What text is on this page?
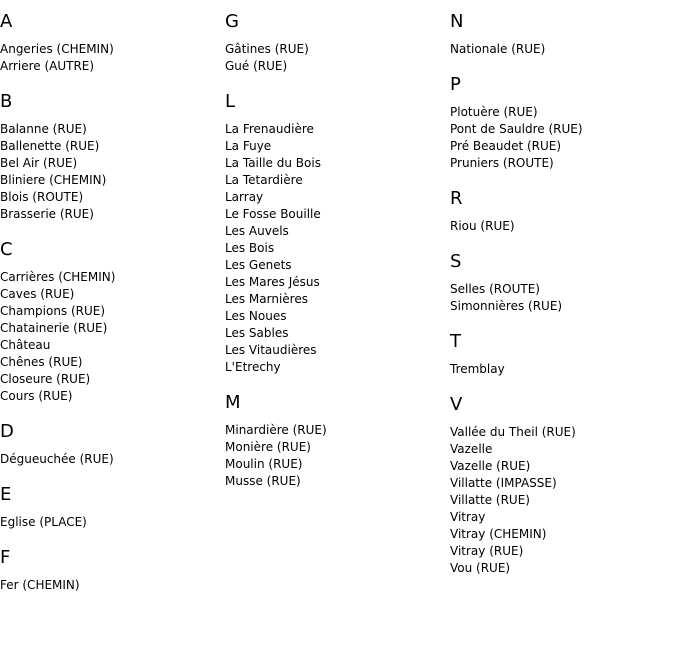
A
Angeries (CHEMIN)
Arriere (AUTRE)
B
Balanne (RUE)
Ballenette (RUE)
Bel Air (RUE)
Bliniere (CHEMIN)
Blois (ROUTE)
Brasserie (RUE)
C
Carrières (CHEMIN)
Caves (RUE)
Champions (RUE)
Chatainerie (RUE)
Château
Chênes (RUE)
Closeure (RUE)
Cours (RUE)
D
Dégueuchée (RUE)
E
Eglise (PLACE)
F
Fer (CHEMIN)
G
Gâtines (RUE)
Gué (RUE)
L
La Frenaudière
La Fuye
La Taille du Bois
La Tetardière
Larray
Le Fosse Bouille
Les Auvels
Les Bois
Les Genets
Les Mares Jésus
Les Marnières
Les Noues
Les Sables
Les Vitaudières
L'Etrechy
M
Minardière (RUE)
Monière (RUE)
Moulin (RUE)
Musse (RUE)
N
Nationale (RUE)
P
Plotuère (RUE)
Pont de Sauldre (RUE)
Pré Beaudet (RUE)
Pruniers (ROUTE)
R
Riou (RUE)
S
Selles (ROUTE)
Simonnières (RUE)
T
Tremblay
V
Vallée du Theil (RUE)
Vazelle
Vazelle (RUE)
Villatte (IMPASSE)
Villatte (RUE)
Vitray
Vitray (CHEMIN)
Vitray (RUE)
Vou (RUE)
